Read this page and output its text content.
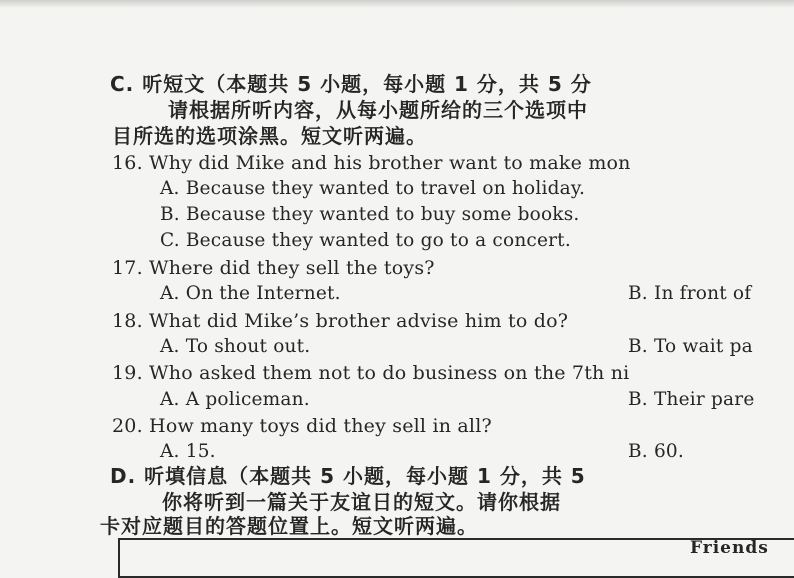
C. 听短文（本题共 5 小题，每小题 1 分，共 5 分
请根据所听内容，从每小题所给的三个选项中
目所选的选项涂黑。短文听两遍。
16. Why did Mike and his brother want to make mon
A. Because they wanted to travel on holiday.
B. Because they wanted to buy some books.
C. Because they wanted to go to a concert.
17. Where did they sell the toys?
A. On the Internet.	B. In front of
18. What did Mike’s brother advise him to do?
A. To shout out.	B. To wait pa
19. Who asked them not to do business on the 7th ni
A. A policeman.	B. Their pare
20. How many toys did they sell in all?
A. 15.	B. 60.
D. 听填信息（本题共 5 小题，每小题 1 分，共 5
你将听到一篇关于友谊日的短文。请你根据
卡对应题目的答题位置上。短文听两遍。
Friends
